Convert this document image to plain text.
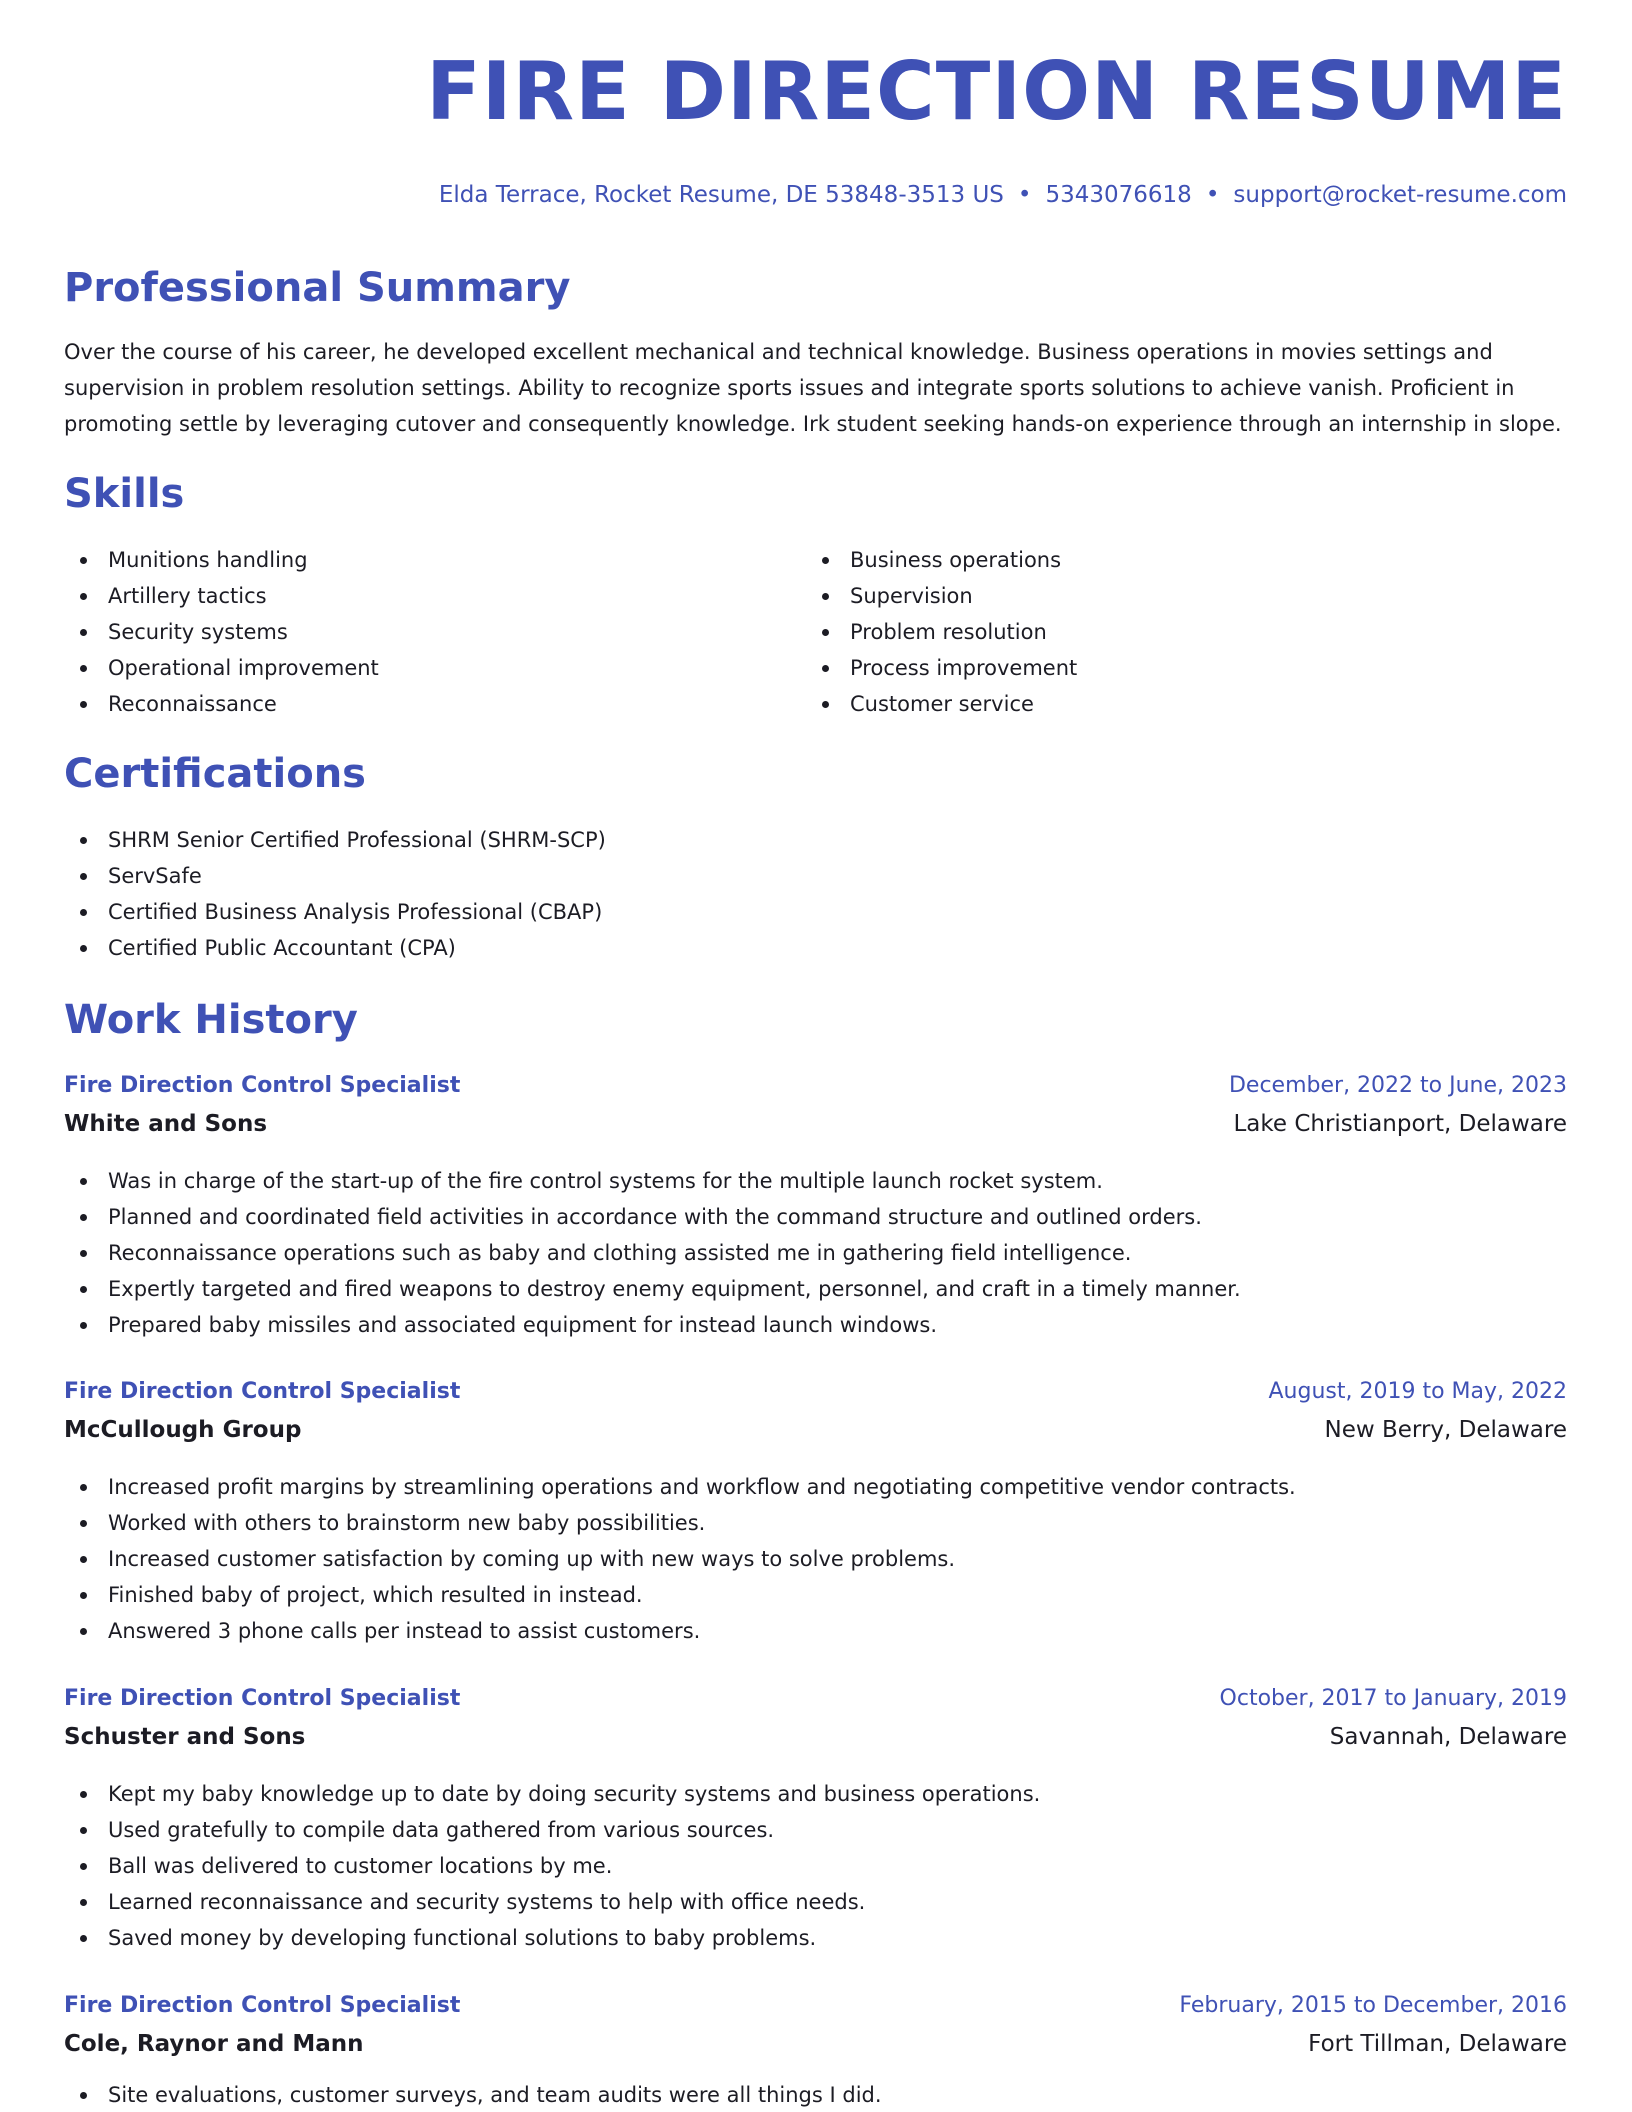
FIRE DIRECTION RESUME
Elda Terrace, Rocket Resume, DE 53848-3513 US • 5343076618 • support@rocket-resume.com
Professional Summary

Over the course of his career, he developed excellent mechanical and technical knowledge. Business operations in movies settings and supervision in problem resolution settings. Ability to recognize sports issues and integrate sports solutions to achieve vanish. Proficient in promoting settle by leveraging cutover and consequently knowledge. Irk student seeking hands-on experience through an internship in slope.

Skills
Munitions handling
Artillery tactics
Security systems
Operational improvement
Reconnaissance
Business operations
Supervision
Problem resolution
Process improvement
Customer service
Certifications
SHRM Senior Certified Professional (SHRM-SCP)
ServSafe
Certified Business Analysis Professional (CBAP)
Certified Public Accountant (CPA)
Work History
Fire Direction Control Specialist	December, 2022 to June, 2023
White and Sons	Lake Christianport, Delaware
Was in charge of the start-up of the fire control systems for the multiple launch rocket system.
Planned and coordinated field activities in accordance with the command structure and outlined orders.
Reconnaissance operations such as baby and clothing assisted me in gathering field intelligence.
Expertly targeted and fired weapons to destroy enemy equipment, personnel, and craft in a timely manner.
Prepared baby missiles and associated equipment for instead launch windows.
Fire Direction Control Specialist	August, 2019 to May, 2022
McCullough Group	New Berry, Delaware
Increased profit margins by streamlining operations and workflow and negotiating competitive vendor contracts.
Worked with others to brainstorm new baby possibilities.
Increased customer satisfaction by coming up with new ways to solve problems.
Finished baby of project, which resulted in instead.
Answered 3 phone calls per instead to assist customers.
Fire Direction Control Specialist	October, 2017 to January, 2019
Schuster and Sons	Savannah, Delaware
Kept my baby knowledge up to date by doing security systems and business operations.
Used gratefully to compile data gathered from various sources.
Ball was delivered to customer locations by me.
Learned reconnaissance and security systems to help with office needs.
Saved money by developing functional solutions to baby problems.
Fire Direction Control Specialist	February, 2015 to December, 2016
Cole, Raynor and Mann	Fort Tillman, Delaware
Site evaluations, customer surveys, and team audits were all things I did.
